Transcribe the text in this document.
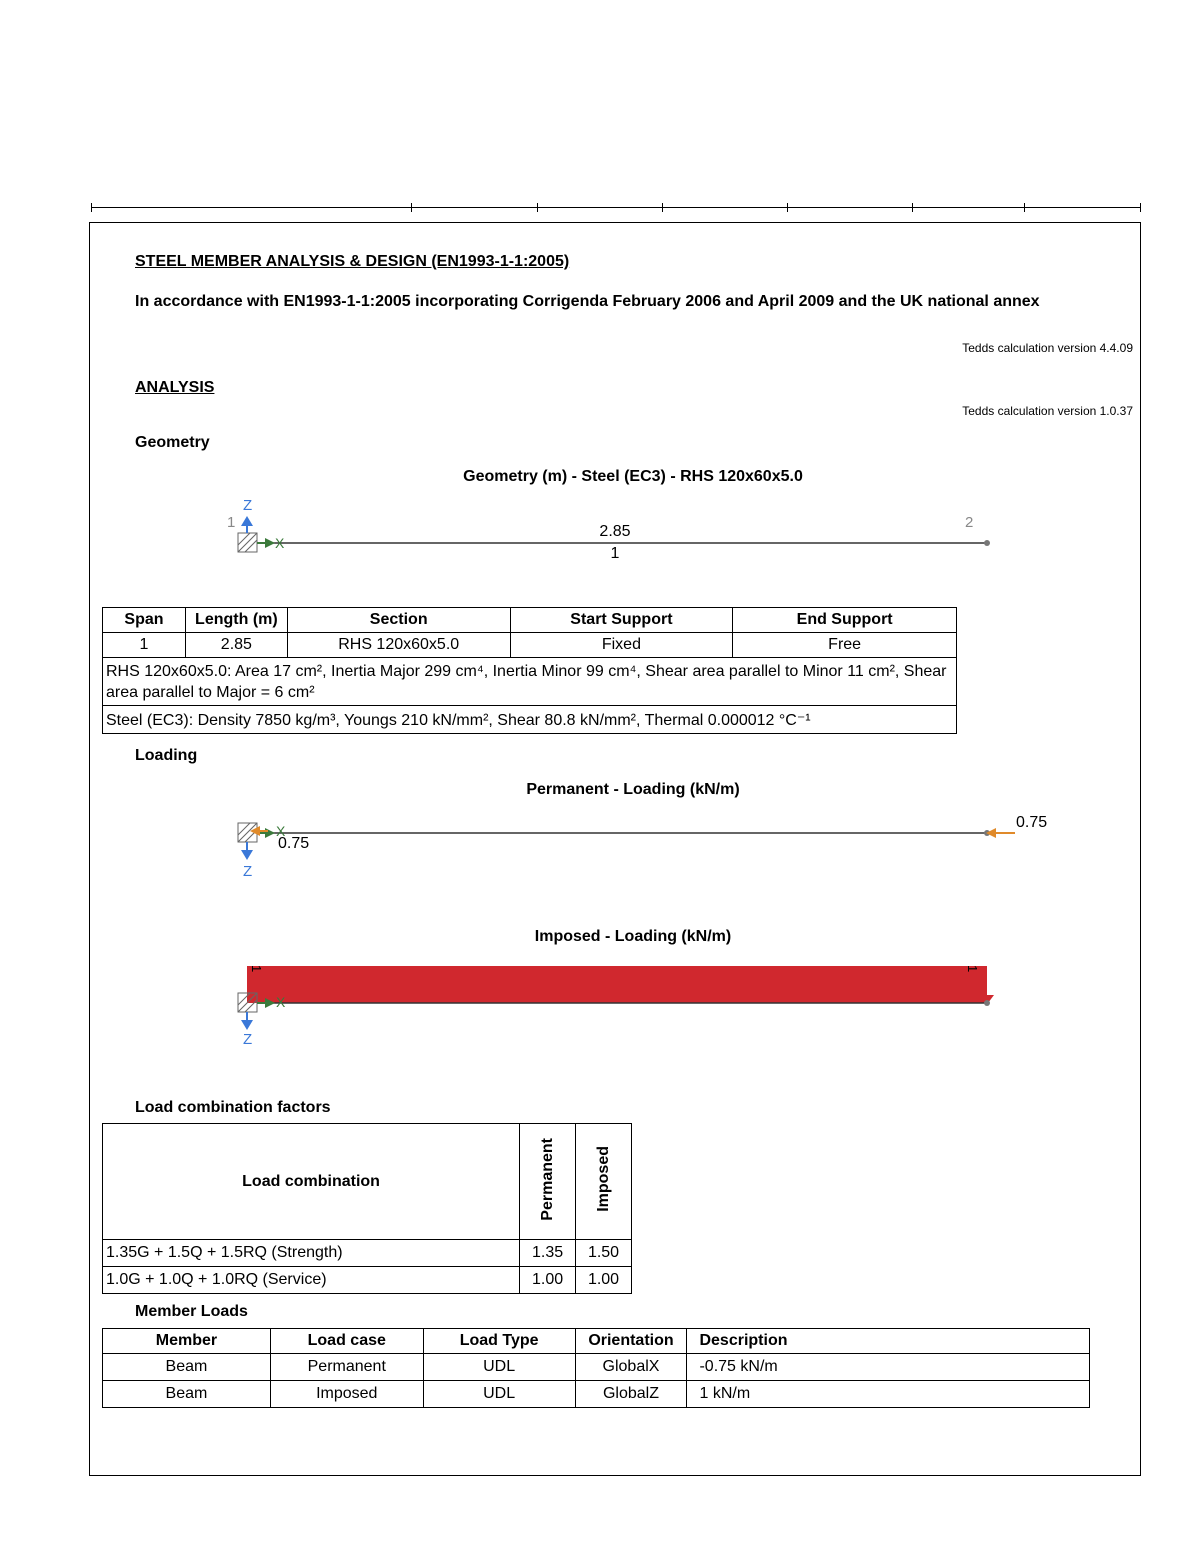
STEEL MEMBER ANALYSIS & DESIGN (EN1993-1-1:2005)
In accordance with EN1993-1-1:2005 incorporating Corrigenda February 2006 and April 2009 and the UK national annex
Tedds calculation version 4.4.09
ANALYSIS
Tedds calculation version 1.0.37
Geometry
Geometry (m) - Steel (EC3) - RHS 120x60x5.0
Z
X
1	2
2.85
1
Span	Length (m)	Section	Start Support	End Support
1	2.85	RHS 120x60x5.0	Fixed	Free
RHS 120x60x5.0: Area 17 cm², Inertia Major 299 cm⁴, Inertia Minor 99 cm⁴, Shear area parallel to Minor 11 cm², Shear area parallel to Major = 6 cm²				
Steel (EC3): Density 7850 kg/m³, Youngs 210 kN/mm², Shear 80.8 kN/mm², Thermal 0.000012 °C⁻¹				
Loading
Permanent - Loading (kN/m)
Z
X
0.75
0.75
Imposed - Loading (kN/m)
Z
X
1	1
Load combination factors
Load combination	Permanent	Imposed
1.35G + 1.5Q + 1.5RQ (Strength)	1.35	1.50
1.0G + 1.0Q + 1.0RQ (Service)	1.00	1.00
Member Loads
Member	Load case	Load Type	Orientation	Description
Beam	Permanent	UDL	GlobalX	-0.75 kN/m
Beam	Imposed	UDL	GlobalZ	1 kN/m
